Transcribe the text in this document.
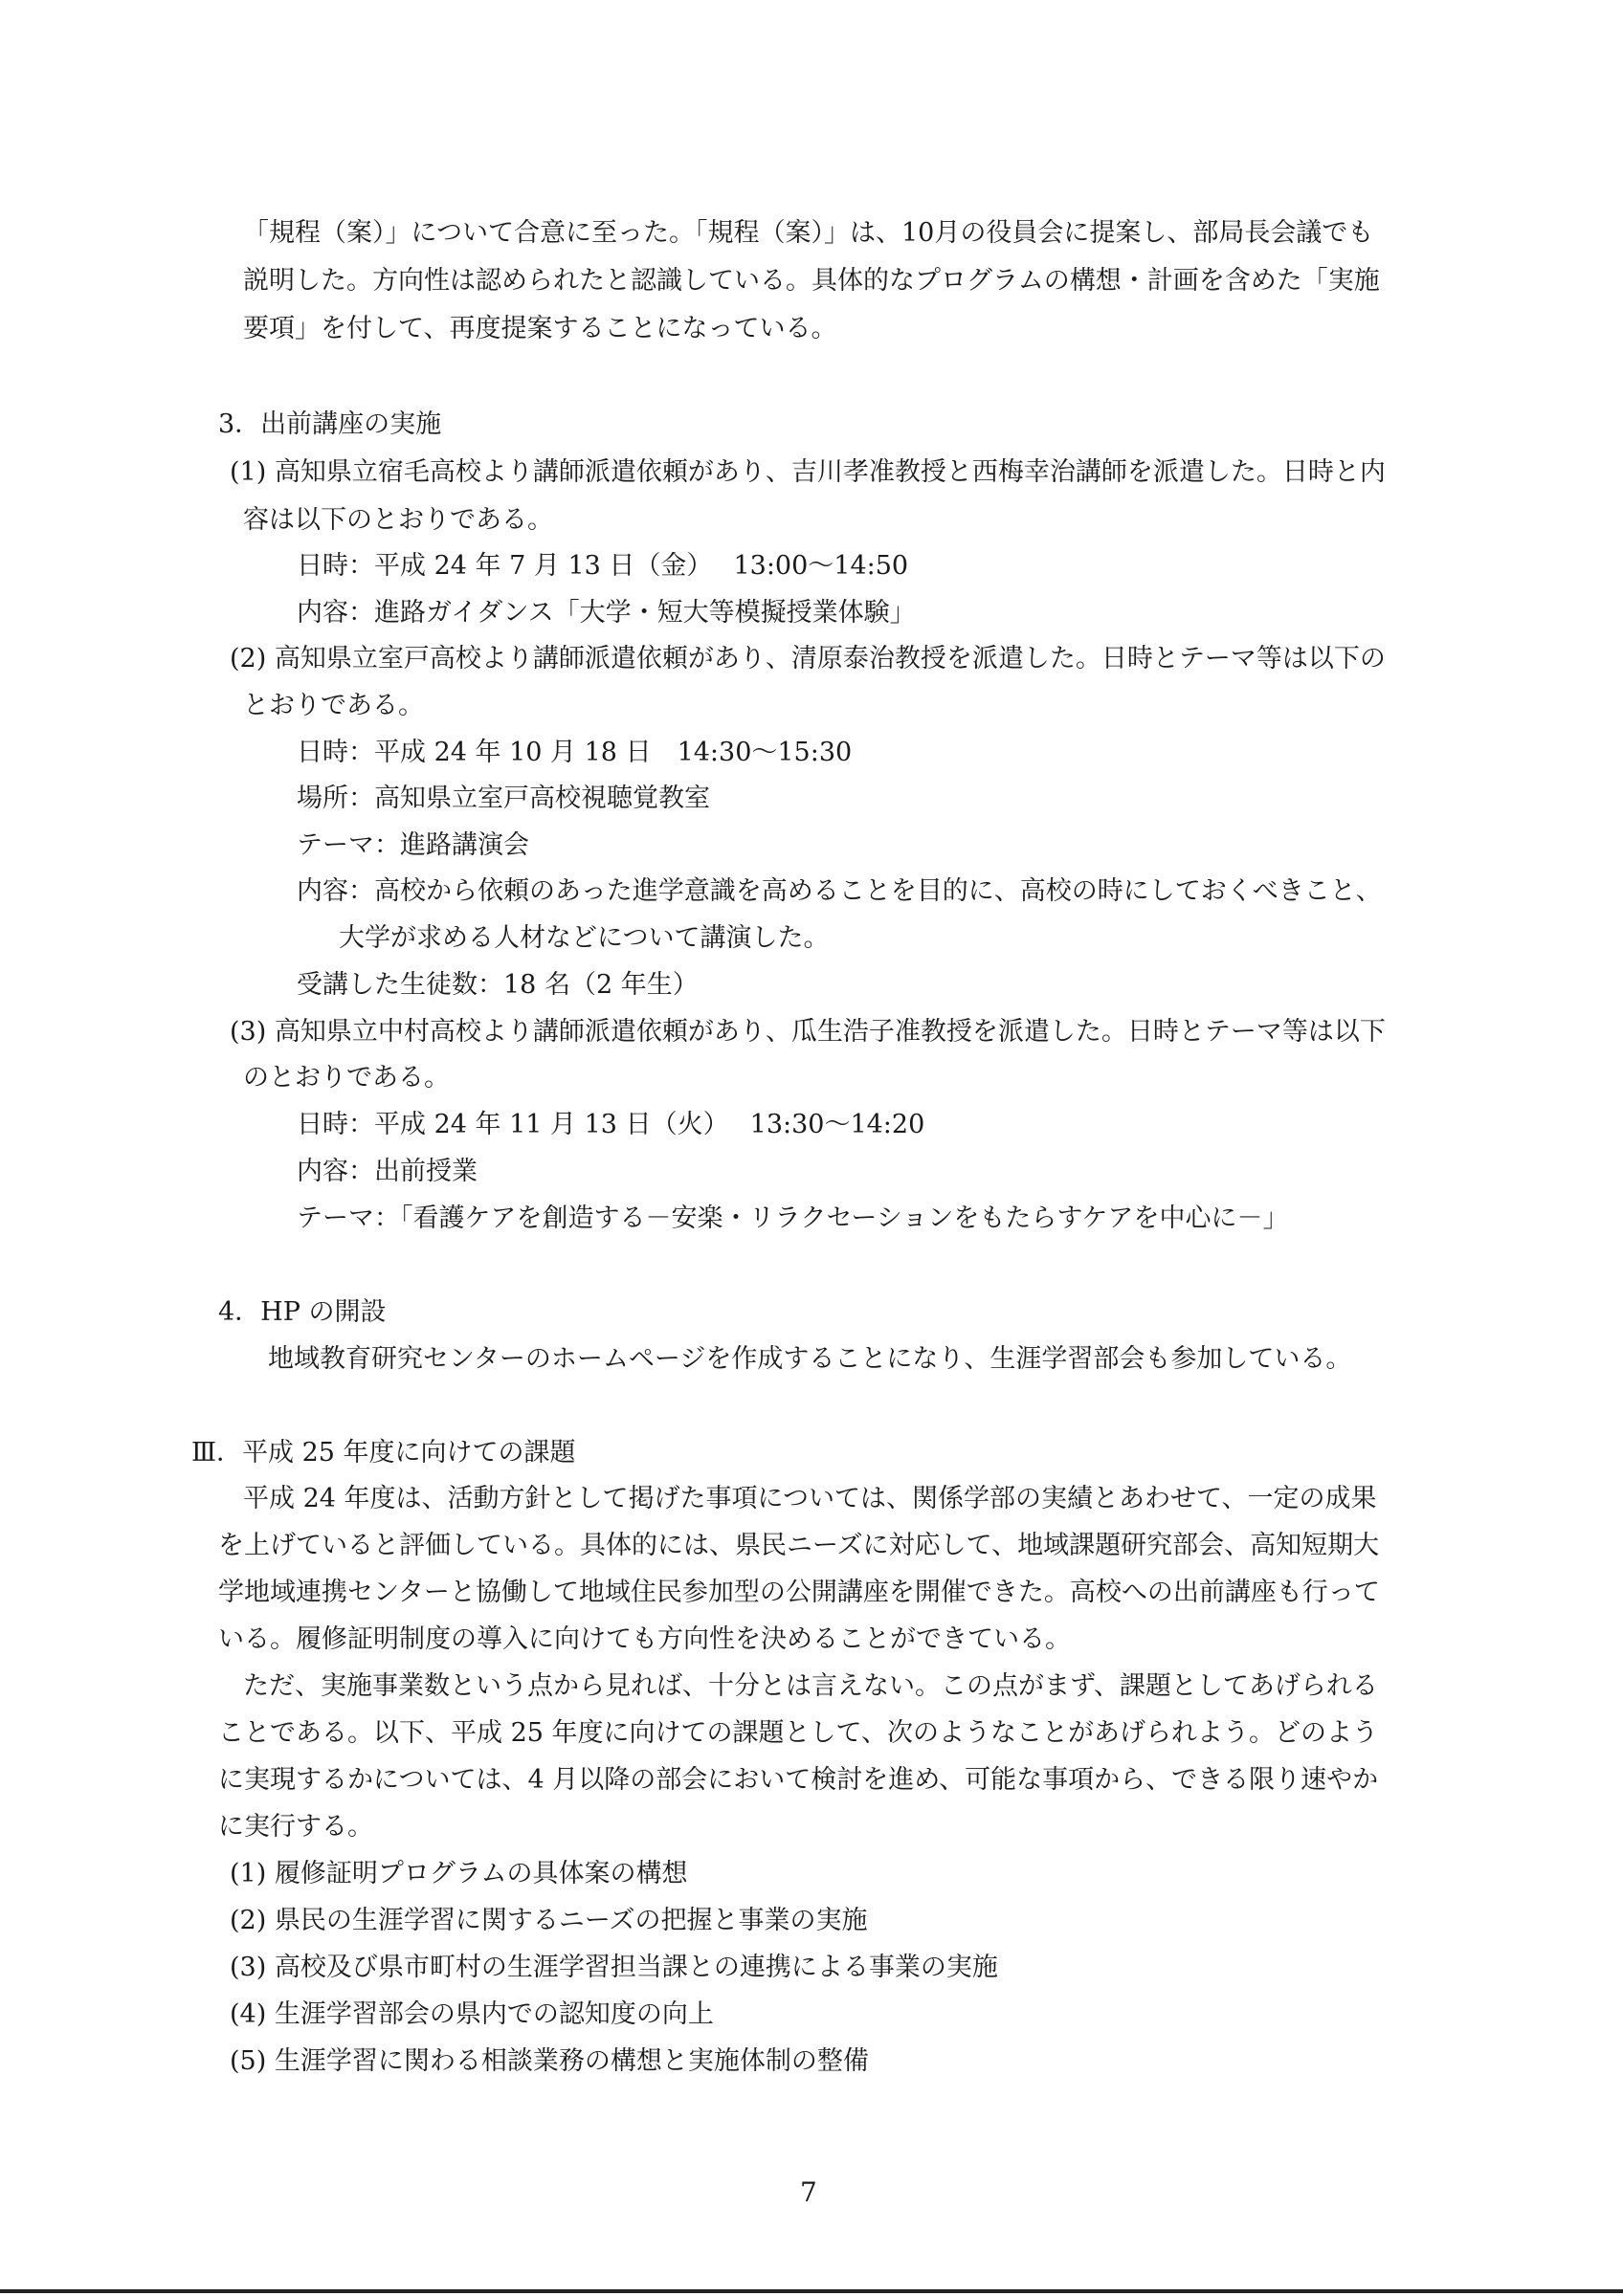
「規程（案）」について合意に至った。「規程（案）」は、10月の役員会に提案し、部局長会議でも
説明した。方向性は認められたと認識している。具体的なプログラムの構想・計画を含めた「実施
要項」を付して、再度提案することになっている。
3．出前講座の実施
(1) 高知県立宿毛高校より講師派遣依頼があり、吉川孝准教授と西梅幸治講師を派遣した。日時と内
容は以下のとおりである。
日時：平成 24 年 7 月 13 日（金）　 13:00～14:50
内容：進路ガイダンス「大学・短大等模擬授業体験」
(2) 高知県立室戸高校より講師派遣依頼があり、清原泰治教授を派遣した。日時とテーマ等は以下の
とおりである。
日時：平成 24 年 10 月 18 日　14:30～15:30
場所：高知県立室戸高校視聴覚教室
テーマ：進路講演会
内容：高校から依頼のあった進学意識を高めることを目的に、高校の時にしておくべきこと、
大学が求める人材などについて講演した。
受講した生徒数：18 名（2 年生）
(3) 高知県立中村高校より講師派遣依頼があり、瓜生浩子准教授を派遣した。日時とテーマ等は以下
のとおりである。
日時：平成 24 年 11 月 13 日（火）　 13:30～14:20
内容：出前授業
テーマ：「看護ケアを創造する－安楽・リラクセーションをもたらすケアを中心に－」
4．HP の開設
地域教育研究センターのホームページを作成することになり、生涯学習部会も参加している。
Ⅲ．平成 25 年度に向けての課題
平成 24 年度は、活動方針として掲げた事項については、関係学部の実績とあわせて、一定の成果
を上げていると評価している。具体的には、県民ニーズに対応して、地域課題研究部会、高知短期大
学地域連携センターと協働して地域住民参加型の公開講座を開催できた。高校への出前講座も行って
いる。履修証明制度の導入に向けても方向性を決めることができている。
ただ、実施事業数という点から見れば、十分とは言えない。この点がまず、課題としてあげられる
ことである。以下、平成 25 年度に向けての課題として、次のようなことがあげられよう。どのよう
に実現するかについては、4 月以降の部会において検討を進め、可能な事項から、できる限り速やか
に実行する。
(1) 履修証明プログラムの具体案の構想
(2) 県民の生涯学習に関するニーズの把握と事業の実施
(3) 高校及び県市町村の生涯学習担当課との連携による事業の実施
(4) 生涯学習部会の県内での認知度の向上
(5) 生涯学習に関わる相談業務の構想と実施体制の整備
7
